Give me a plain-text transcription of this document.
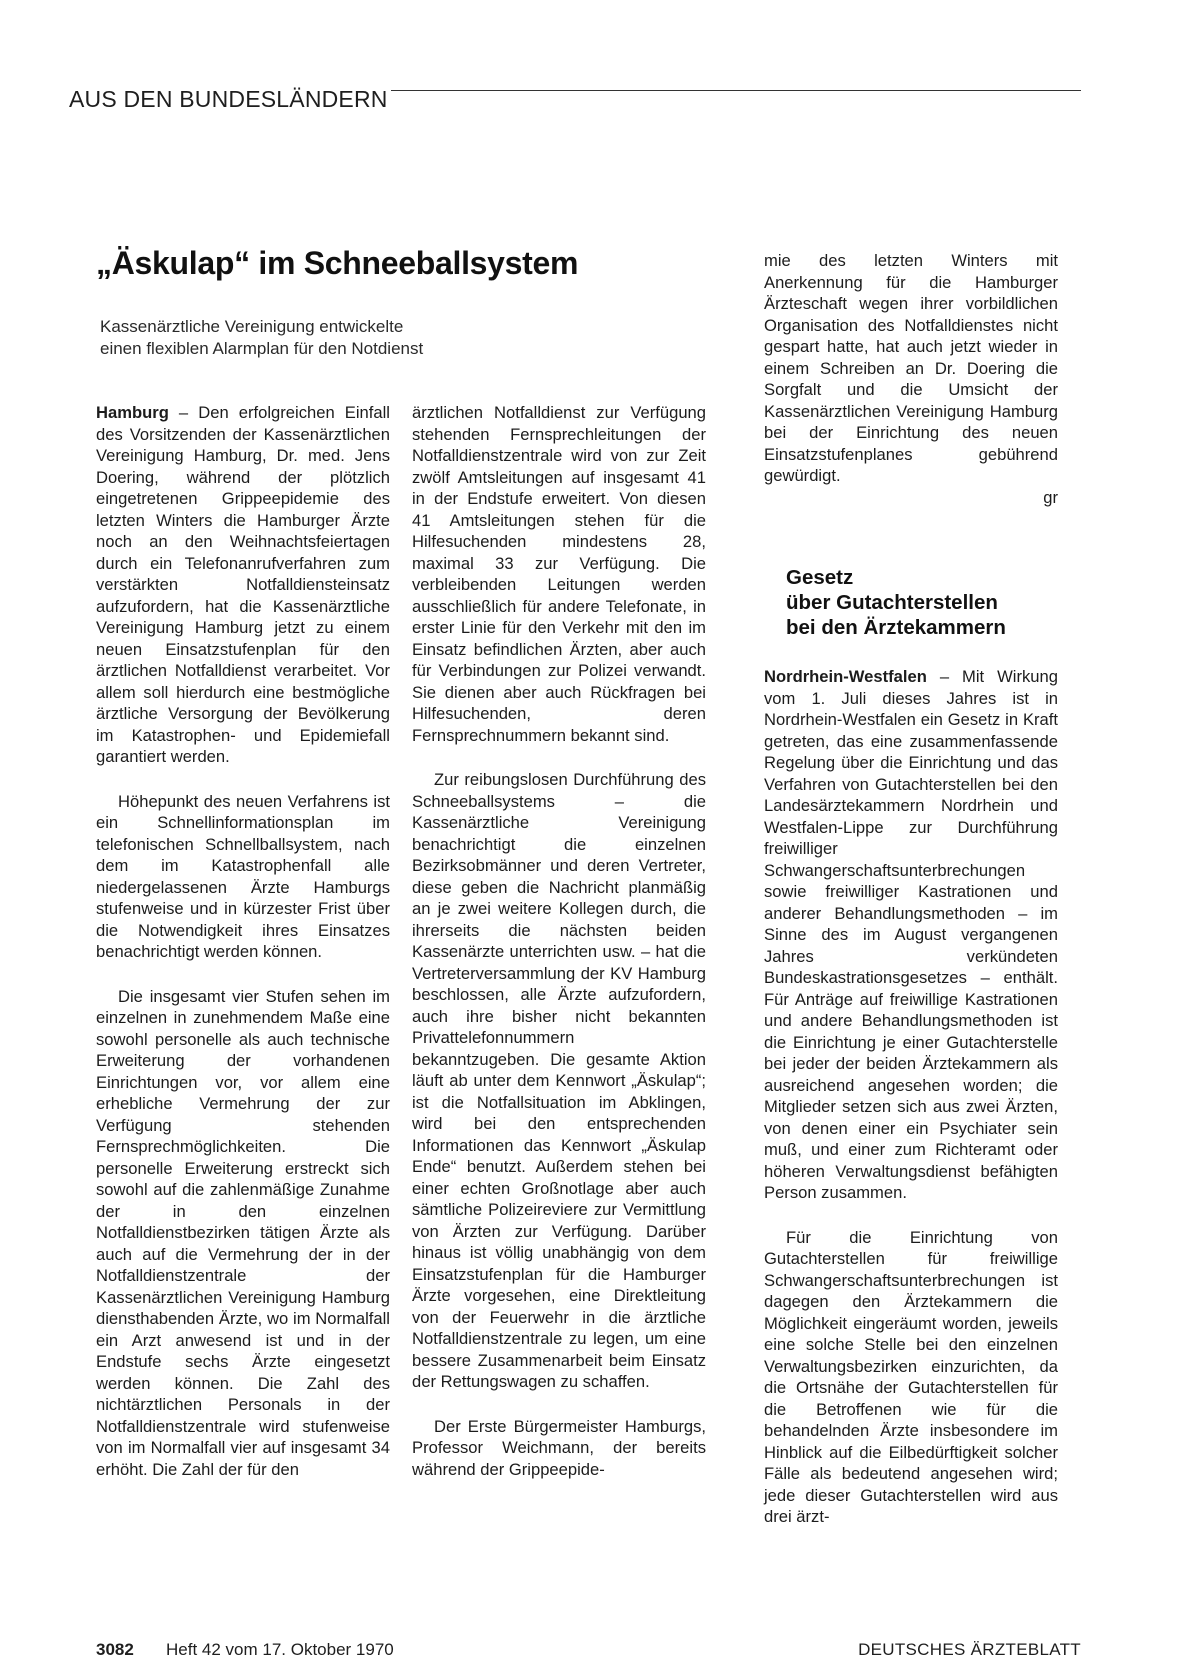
AUS DEN BUNDESLÄNDERN
„Äskulap“ im Schneeballsystem
Kassenärztliche Vereinigung entwickelte
einen flexiblen Alarmplan für den Notdienst

Hamburg – Den erfolgreichen Einfall des Vorsitzenden der Kassenärztlichen Vereinigung Hamburg, Dr. med. Jens Doering, während der plötzlich eingetretenen Grippeepidemie des letzten Winters die Hamburger Ärzte noch an den Weihnachtsfeiertagen durch ein Telefonanrufverfahren zum verstärkten Notfalldiensteinsatz aufzufordern, hat die Kassenärztliche Vereinigung Hamburg jetzt zu einem neuen Einsatzstufenplan für den ärztlichen Notfalldienst verarbeitet. Vor allem soll hierdurch eine bestmögliche ärztliche Versorgung der Bevölkerung im Katastrophen- und Epidemiefall garantiert werden.

Höhepunkt des neuen Verfahrens ist ein Schnellinformationsplan im telefonischen Schnellballsystem, nach dem im Katastrophenfall alle niedergelassenen Ärzte Hamburgs stufenweise und in kürzester Frist über die Notwendigkeit ihres Einsatzes benachrichtigt werden können.

Die insgesamt vier Stufen sehen im einzelnen in zunehmendem Maße eine sowohl personelle als auch technische Erweiterung der vorhandenen Einrichtungen vor, vor allem eine erhebliche Vermehrung der zur Verfügung stehenden Fernsprechmöglichkeiten. Die personelle Erweiterung erstreckt sich sowohl auf die zahlenmäßige Zunahme der in den einzelnen Notfalldienstbezirken tätigen Ärzte als auch auf die Vermehrung der in der Notfalldienstzentrale der Kassenärztlichen Vereinigung Hamburg diensthabenden Ärzte, wo im Normalfall ein Arzt anwesend ist und in der Endstufe sechs Ärzte eingesetzt werden können. Die Zahl des nichtärztlichen Personals in der Notfalldienstzentrale wird stufenweise von im Normalfall vier auf insgesamt 34 erhöht. Die Zahl der für den

ärztlichen Notfalldienst zur Verfügung stehenden Fernsprechleitungen der Notfalldienstzentrale wird von zur Zeit zwölf Amtsleitungen auf insgesamt 41 in der Endstufe erweitert. Von diesen 41 Amtsleitungen stehen für die Hilfesuchenden mindestens 28, maximal 33 zur Verfügung. Die verbleibenden Leitungen werden ausschließlich für andere Telefonate, in erster Linie für den Verkehr mit den im Einsatz befindlichen Ärzten, aber auch für Verbindungen zur Polizei verwandt. Sie dienen aber auch Rückfragen bei Hilfesuchenden, deren Fernsprechnummern bekannt sind.

Zur reibungslosen Durchführung des Schneeballsystems – die Kassenärztliche Vereinigung benachrichtigt die einzelnen Bezirksobmänner und deren Vertreter, diese geben die Nachricht planmäßig an je zwei weitere Kollegen durch, die ihrerseits die nächsten beiden Kassenärzte unterrichten usw. – hat die Vertreterversammlung der KV Hamburg beschlossen, alle Ärzte aufzufordern, auch ihre bisher nicht bekannten Privattelefonnummern bekanntzugeben. Die gesamte Aktion läuft ab unter dem Kennwort „Äskulap“; ist die Notfallsituation im Abklingen, wird bei den entsprechenden Informationen das Kennwort „Äskulap Ende“ benutzt. Außerdem stehen bei einer echten Großnotlage aber auch sämtliche Polizeireviere zur Vermittlung von Ärzten zur Verfügung. Darüber hinaus ist völlig unabhängig von dem Einsatzstufenplan für die Hamburger Ärzte vorgesehen, eine Direktleitung von der Feuerwehr in die ärztliche Notfalldienstzentrale zu legen, um eine bessere Zusammenarbeit beim Einsatz der Rettungswagen zu schaffen.

Der Erste Bürgermeister Hamburgs, Professor Weichmann, der bereits während der Grippeepide-

mie des letzten Winters mit Anerkennung für die Hamburger Ärzteschaft wegen ihrer vorbildlichen Organisation des Notfalldienstes nicht gespart hatte, hat auch jetzt wieder in einem Schreiben an Dr. Doering die Sorgfalt und die Umsicht der Kassenärztlichen Vereinigung Hamburg bei der Einrichtung des neuen Einsatzstufenplanes gebührend gewürdigt.

gr
Gesetz
über Gutachterstellen
bei den Ärztekammern

Nordrhein-Westfalen – Mit Wirkung vom 1. Juli dieses Jahres ist in Nordrhein-Westfalen ein Gesetz in Kraft getreten, das eine zusammenfassende Regelung über die Einrichtung und das Verfahren von Gutachterstellen bei den Landesärztekammern Nordrhein und Westfalen-Lippe zur Durchführung freiwilliger Schwangerschaftsunterbrechungen sowie freiwilliger Kastrationen und anderer Behandlungsmethoden – im Sinne des im August vergangenen Jahres verkündeten Bundeskastrationsgesetzes – enthält. Für Anträge auf freiwillige Kastrationen und andere Behandlungsmethoden ist die Einrichtung je einer Gutachterstelle bei jeder der beiden Ärztekammern als ausreichend angesehen worden; die Mitglieder setzen sich aus zwei Ärzten, von denen einer ein Psychiater sein muß, und einer zum Richteramt oder höheren Verwaltungsdienst befähigten Person zusammen.

Für die Einrichtung von Gutachterstellen für freiwillige Schwangerschaftsunterbrechungen ist dagegen den Ärztekammern die Möglichkeit eingeräumt worden, jeweils eine solche Stelle bei den einzelnen Verwaltungsbezirken einzurichten, da die Ortsnähe der Gutachterstellen für die Betroffenen wie für die behandelnden Ärzte insbesondere im Hinblick auf die Eilbedürftigkeit solcher Fälle als bedeutend angesehen wird; jede dieser Gutachterstellen wird aus drei ärzt-

3082 Heft 42 vom 17. Oktober 1970	DEUTSCHES ÄRZTEBLATT
